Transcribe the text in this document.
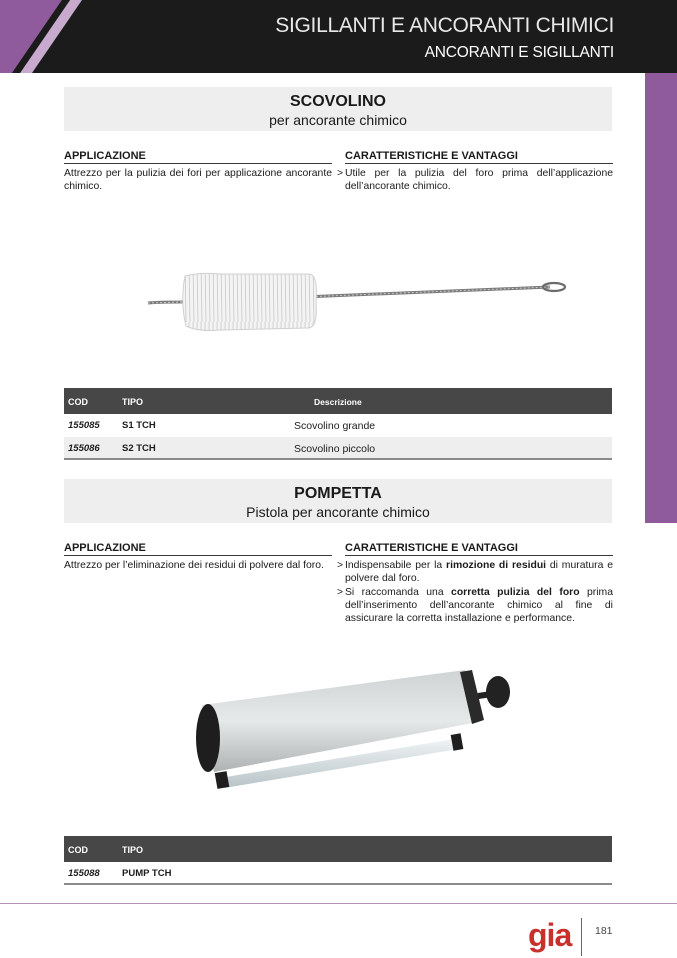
SIGILLANTI E ANCORANTI CHIMICI
ANCORANTI E SIGILLANTI
SCOVOLINO
per ancorante chimico
APPLICAZIONE	CARATTERISTICHE E VANTAGGI
Attrezzo per la pulizia dei fori per applicazione ancorante chimico.
> Utile per la pulizia del foro prima dell’applicazione dell’ancorante chimico.
COD	TIPO	Descrizione
155085 S1 TCH	Scovolino grande
155086 S2 TCH	Scovolino piccolo
POMPETTA
Pistola per ancorante chimico
APPLICAZIONE	CARATTERISTICHE E VANTAGGI
Attrezzo per l’eliminazione dei residui di polvere dal foro.	> Indispensabile per la rimozione di residui di muratura e polvere dal foro.
> Si raccomanda una corretta pulizia del foro prima dell’inserimento dell’ancorante chimico al fine di assicurare la corretta installazione e performance.
COD	TIPO
155088 PUMP TCH
gia 181
